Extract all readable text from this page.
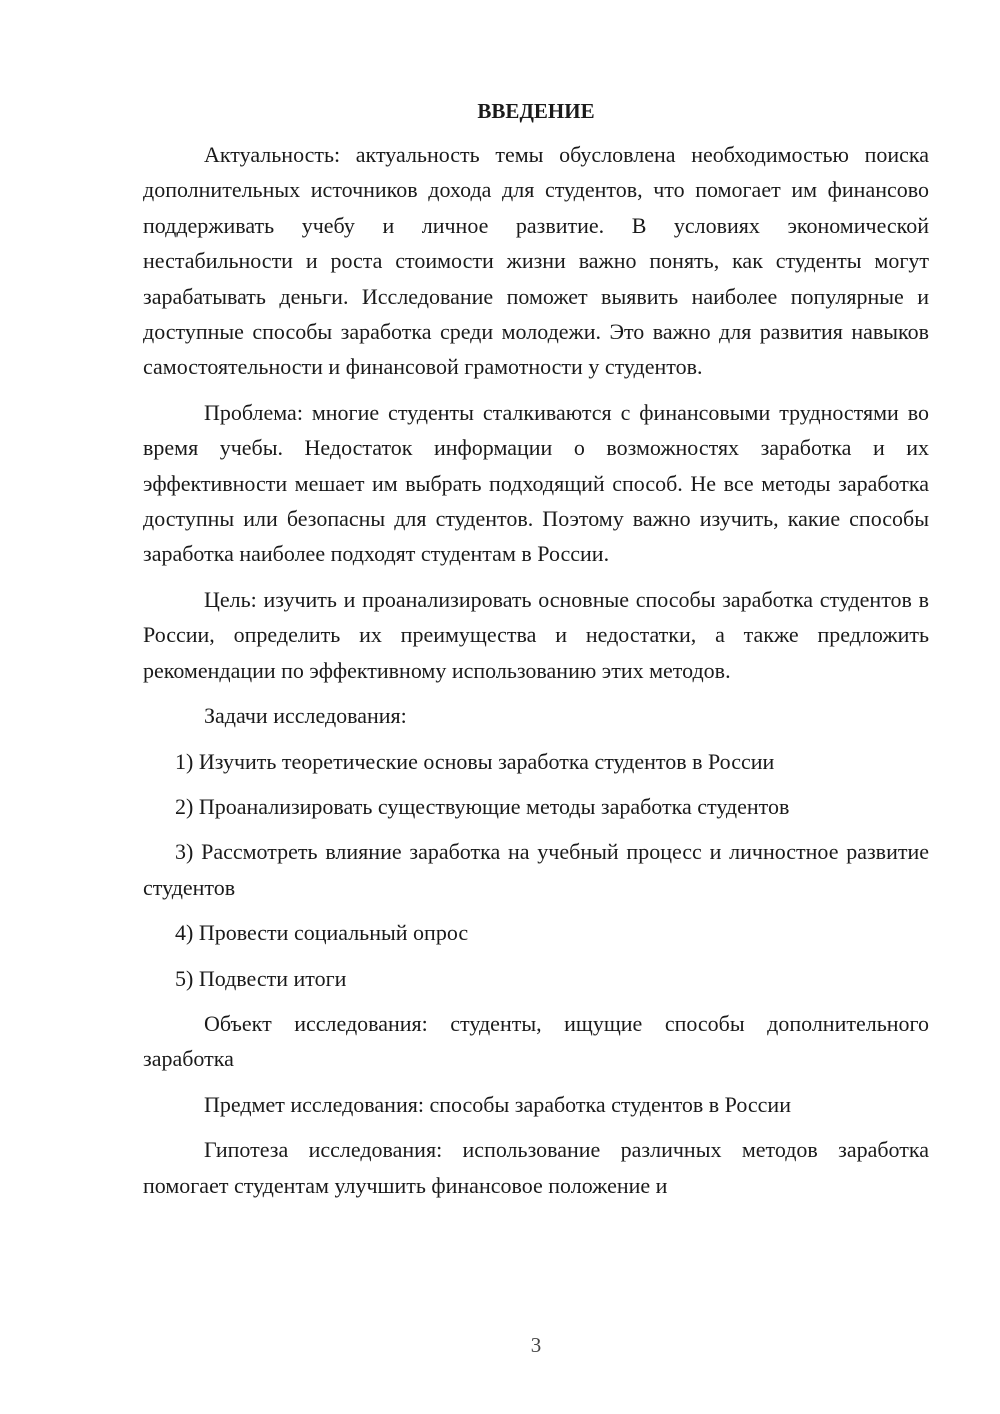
ВВЕДЕНИЕ

Актуальность: актуальность темы обусловлена необходимостью поиска дополнительных источников дохода для студентов, что помогает им финансово поддерживать учебу и личное развитие. В условиях экономической нестабильности и роста стоимости жизни важно понять, как студенты могут зарабатывать деньги. Исследование поможет выявить наиболее популярные и доступные способы заработка среди молодежи. Это важно для развития навыков самостоятельности и финансовой грамотности у студентов.

Проблема: многие студенты сталкиваются с финансовыми трудностями во время учебы. Недостаток информации о возможностях заработка и их эффективности мешает им выбрать подходящий способ. Не все методы заработка доступны или безопасны для студентов. Поэтому важно изучить, какие способы заработка наиболее подходят студентам в России.

Цель: изучить и проанализировать основные способы заработка студентов в России, определить их преимущества и недостатки, а также предложить рекомендации по эффективному использованию этих методов.

Задачи исследования:

1) Изучить теоретические основы заработка студентов в России

2) Проанализировать существующие методы заработка студентов

3) Рассмотреть влияние заработка на учебный процесс и личностное развитие студентов

4) Провести социальный опрос

5) Подвести итоги

Объект исследования: студенты, ищущие способы дополнительного заработка

Предмет исследования: способы заработка студентов в России

Гипотеза исследования: использование различных методов заработка помогает студентам улучшить финансовое положение и

3
